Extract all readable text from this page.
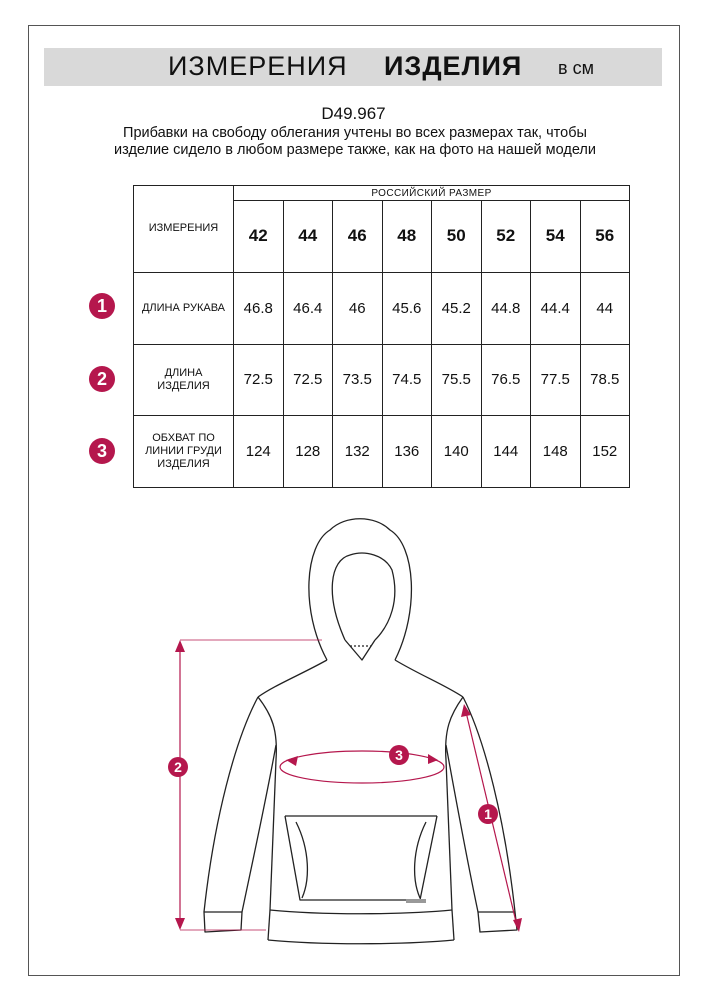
ИЗМЕРЕНИЯ ИЗДЕЛИЯ в см
D49.967
Прибавки на свободу облегания учтены во всех размерах так, чтобы изделие сидело в любом размере также, как на фото на нашей модели
ИЗМЕРЕНИЯ	РОССИЙСКИЙ РАЗМЕР							
	42	44	46	48	50	52	54	56
ДЛИНА РУКАВА	46.8	46.4	46	45.6	45.2	44.8	44.4	44
ДЛИНА ИЗДЕЛИЯ	72.5	72.5	73.5	74.5	75.5	76.5	77.5	78.5
ОБХВАТ ПО ЛИНИИ ГРУДИ ИЗДЕЛИЯ	124	128	132	136	140	144	148	152
1
2
3
2
3
1
